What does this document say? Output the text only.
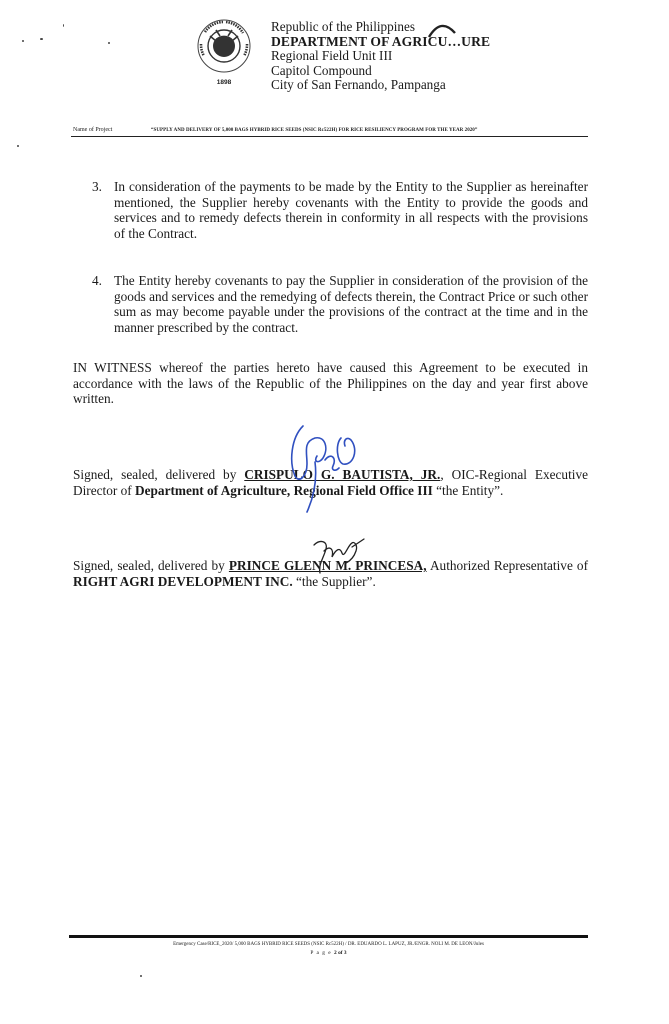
1898
Republic of the Philippines
DEPARTMENT OF AGRICU…URE
Regional Field Unit III
Capitol Compound
City of San Fernando, Pampanga
Name of Project	“SUPPLY AND DELIVERY OF 5,000 BAGS HYBRID RICE SEEDS (NSIC Rc522H) FOR RICE RESILIENCY PROGRAM FOR THE YEAR 2020”
3. In consideration of the payments to be made by the Entity to the Supplier as hereinafter mentioned, the Supplier hereby covenants with the Entity to provide the goods and services and to remedy defects therein in conformity in all respects with the provisions of the Contract.
4. The Entity hereby covenants to pay the Supplier in consideration of the provision of the goods and services and the remedying of defects therein, the Contract Price or such other sum as may become payable under the provisions of the contract at the time and in the manner prescribed by the contract.

IN WITNESS whereof the parties hereto have caused this Agreement to be executed in accordance with the laws of the Republic of the Philippines on the day and year first above written.

Signed, sealed, delivered by CRISPULO G. BAUTISTA, JR., OIC-Regional Executive Director of Department of Agriculture, Regional Field Office III “the Entity”.

Signed, sealed, delivered by PRINCE GLENN M. PRINCESA, Authorized Representative of RIGHT AGRI DEVELOPMENT INC. “the Supplier”.

Emergency Case/RICE_2020/ 5,000 BAGS HYBRID RICE SEEDS (NSIC Rc522H) / DR. EDUARDO L. LAPUZ, JR./ENGR. NOLI M. DE LEON/Jules
P a g e 2 of 3
